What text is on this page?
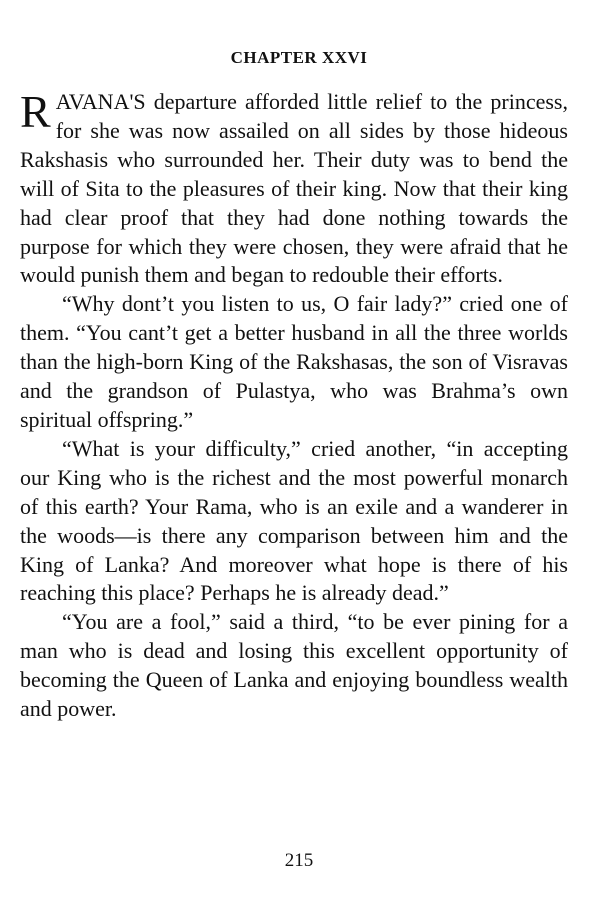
CHAPTER XXVI

RAVANA'S departure afforded little relief to the princess, for she was now assailed on all sides by those hideous Rakshasis who surrounded her. Their duty was to bend the will of Sita to the pleasures of their king. Now that their king had clear proof that they had done nothing towards the purpose for which they were chosen, they were afraid that he would punish them and began to redouble their efforts.

“Why dont’t you listen to us, O fair lady?” cried one of them. “You cant’t get a better husband in all the three worlds than the high-born King of the Rakshasas, the son of Visravas and the grandson of Pulastya, who was Brahma’s own spiritual offspring.”

“What is your difficulty,” cried another, “in accepting our King who is the richest and the most powerful monarch of this earth? Your Rama, who is an exile and a wanderer in the woods—is there any comparison between him and the King of Lanka? And moreover what hope is there of his reaching this place? Perhaps he is already dead.”

“You are a fool,” said a third, “to be ever pining for a man who is dead and losing this excellent opportunity of becoming the Queen of Lanka and enjoying boundless wealth and power.

215
